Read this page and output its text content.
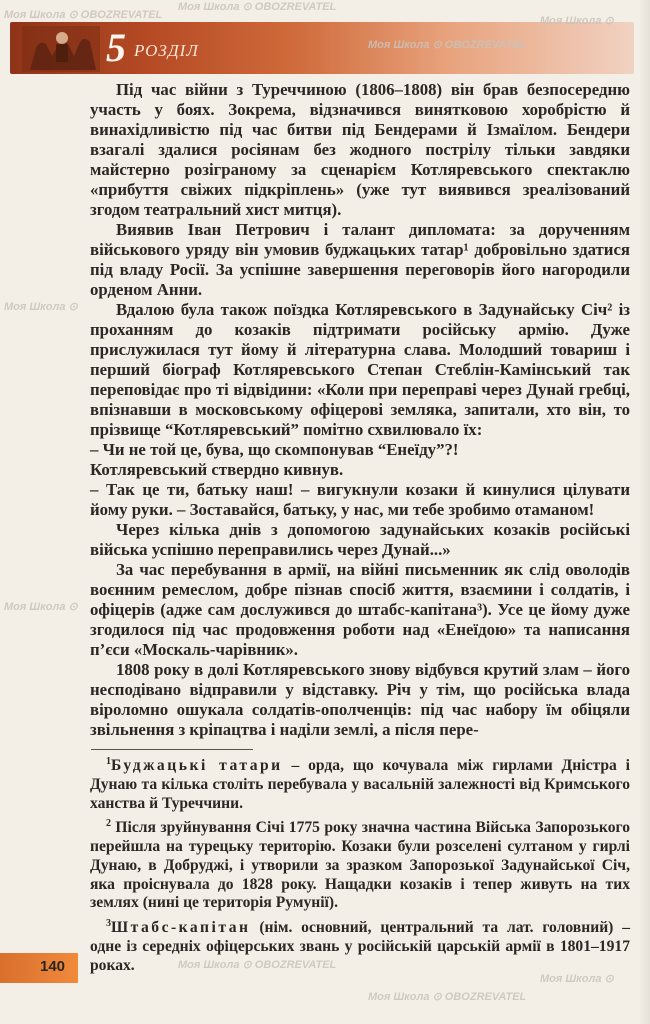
5 РОЗДІЛ

Під час війни з Туреччиною (1806–1808) він брав безпосередню участь у боях. Зокрема, відзначився винятковою хоробрістю й винахідливістю під час битви під Бендерами й Ізмаїлом. Бендери взагалі здалися росіянам без жодного пострілу тільки завдяки майстерно розіграному за сценарієм Котляревського спектаклю «прибуття свіжих підкріплень» (уже тут виявився зреалізований згодом театральний хист митця).

Виявив Іван Петрович і талант дипломата: за дорученням військового уряду він умовив буджацьких татар¹ добровільно здатися під владу Росії. За успішне завершення переговорів його нагородили орденом Анни.

Вдалою була також поїздка Котляревського в Задунайську Січ² із проханням до козаків підтримати російську армію. Дуже прислужилася тут йому й літературна слава. Молодший товариш і перший біограф Котляревського Степан Стеблін-Камінський так переповідає про ті відвідини: «Коли при переправі через Дунай гребці, впізнавши в московському офіцерові земляка, запитали, хто він, то прізвище “Котляревський” помітно схвилювало їх:

– Чи не той це, бува, що скомпонував “Енеїду”?!

Котляревський ствердно кивнув.

– Так це ти, батьку наш! – вигукнули козаки й кинулися цілувати йому руки. – Зоставайся, батьку, у нас, ми тебе зробимо отаманом!

Через кілька днів з допомогою задунайських козаків російські війська успішно переправились через Дунай...»

За час перебування в армії, на війні письменник як слід оволодів воєнним ремеслом, добре пізнав спосіб життя, взаємини і солдатів, і офіцерів (адже сам дослужився до штабс-капітана³). Усе це йому дуже згодилося під час продовження роботи над «Енеїдою» та написання п’єси «Москаль-чарівник».

1808 року в долі Котляревського знову відбувся крутий злам – його несподівано відправили у відставку. Річ у тім, що російська влада віроломно ошукала солдатів-ополченців: під час набору їм обіцяли звільнення з кріпацтва і наділи землі, а після пере-

$^1$Буджацькі татари – орда, що кочувала між гирлами Дністра і Дунаю та кілька століть перебувала у васальній залежності від Кримського ханства й Туреччини.

$^2$ Після зруйнування Січі 1775 року значна частина Війська Запорозького перейшла на турецьку територію. Козаки були розселені султаном у гирлі Дунаю, в Добруджі, і утворили за зразком Запорозької Задунайської Січ, яка проіснувала до 1828 року. Нащадки козаків і тепер живуть на тих землях (нині це територія Румунії).

$^3$Штабс-капітан (нім. основний, центральний та лат. головний) – одне із середніх офіцерських звань у російській царській армії в 1801–1917 роках.

140
Моя Школа ⊙ OBOZREVATEL
Моя Школа ⊙ OBOZREVATEL
Моя Школа ⊙ OBOZREVATEL
Моя Школа ⊙
Моя Школа ⊙
Моя Школа ⊙
Моя Школа ⊙ OBOZREVATEL
Моя Школа ⊙ OBOZREVATEL
Моя Школа ⊙
